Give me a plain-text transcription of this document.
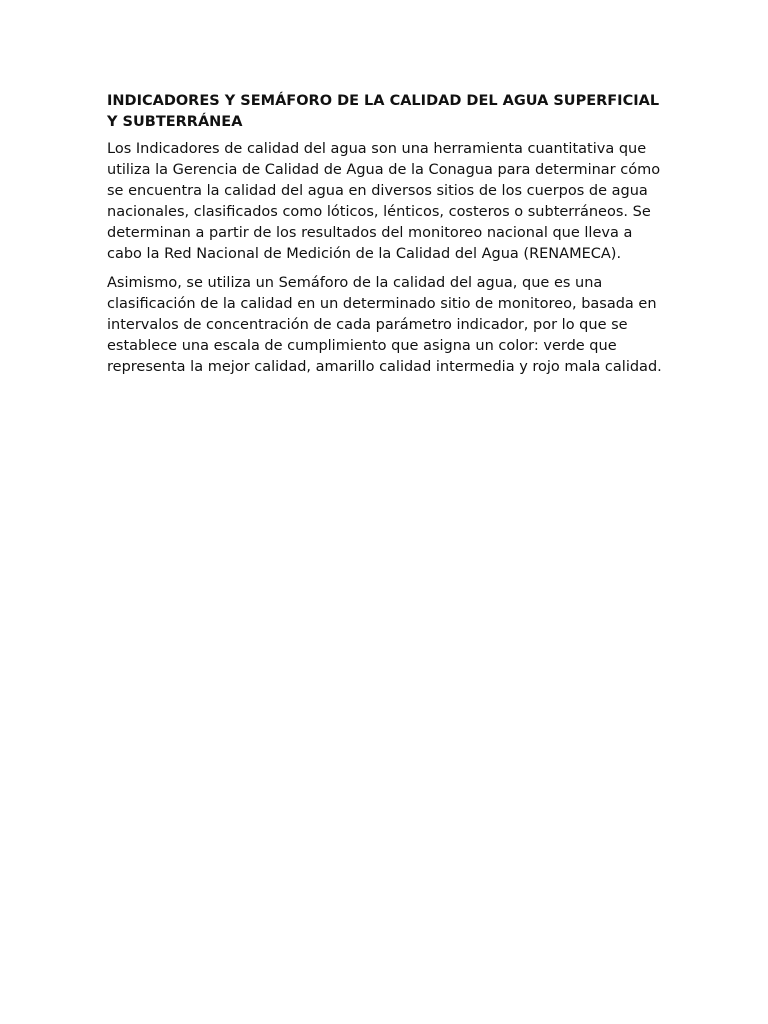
INDICADORES Y SEMÁFORO DE LA CALIDAD DEL AGUA SUPERFICIAL Y SUBTERRÁNEA

Los Indicadores de calidad del agua son una herramienta cuantitativa que utiliza la Gerencia de Calidad de Agua de la Conagua para determinar cómo se encuentra la calidad del agua en diversos sitios de los cuerpos de agua nacionales, clasificados como lóticos, lénticos, costeros o subterráneos. Se determinan a partir de los resultados del monitoreo nacional que lleva a cabo la Red Nacional de Medición de la Calidad del Agua (RENAMECA).

Asimismo, se utiliza un Semáforo de la calidad del agua, que es una clasificación de la calidad en un determinado sitio de monitoreo, basada en intervalos de concentración de cada parámetro indicador, por lo que se establece una escala de cumplimiento que asigna un color: verde que representa la mejor calidad, amarillo calidad intermedia y rojo mala calidad.
